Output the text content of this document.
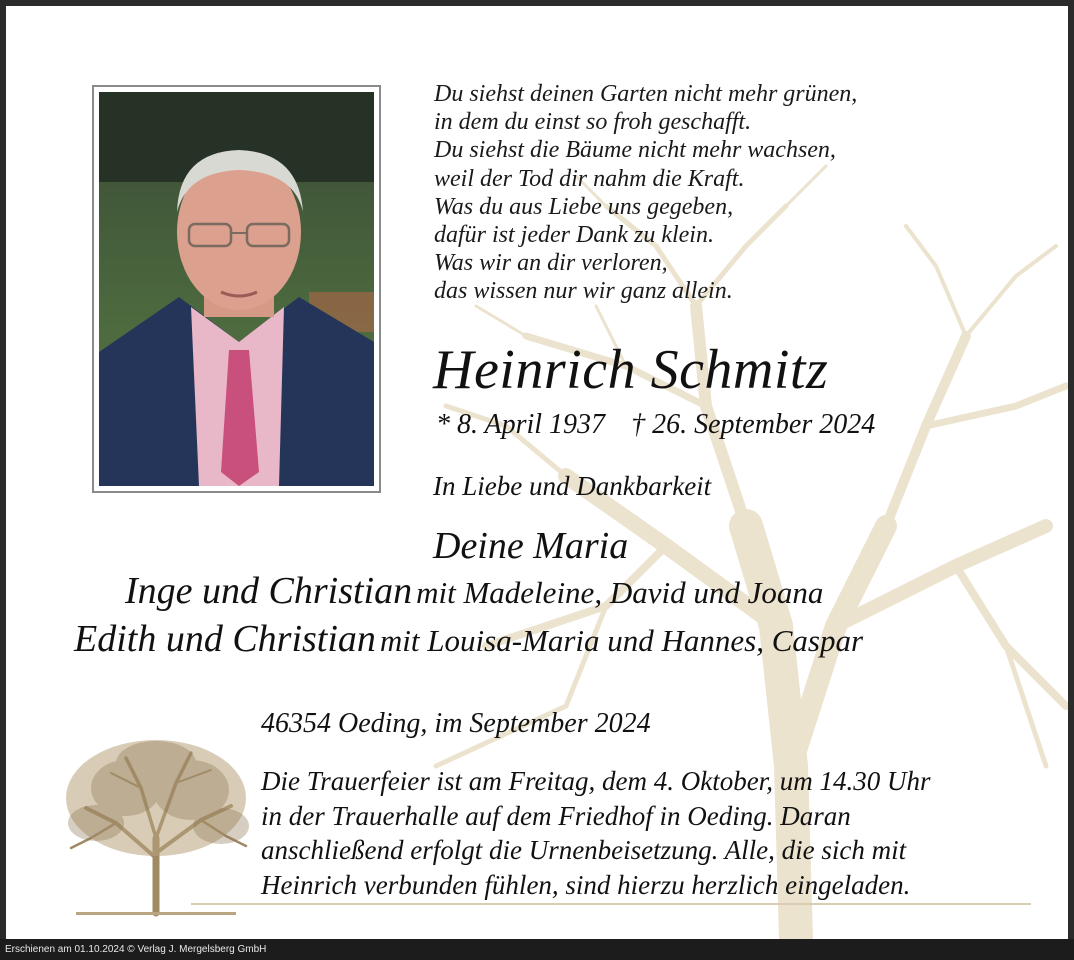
Du siehst deinen Garten nicht mehr grünen,
in dem du einst so froh geschafft.
Du siehst die Bäume nicht mehr wachsen,
weil der Tod dir nahm die Kraft.
Was du aus Liebe uns gegeben,
dafür ist jeder Dank zu klein.
Was wir an dir verloren,
das wissen nur wir ganz allein.
Heinrich Schmitz
* 8. April 1937 † 26. September 2024
In Liebe und Dankbarkeit
Deine Maria
Inge und Christian mit Madeleine, David und Joana
Edith und Christian mit Louisa-Maria und Hannes, Caspar
46354 Oeding, im September 2024
Die Trauerfeier ist am Freitag, dem 4. Oktober, um 14.30 Uhr
in der Trauerhalle auf dem Friedhof in Oeding. Daran
anschließend erfolgt die Urnenbeisetzung. Alle, die sich mit
Heinrich verbunden fühlen, sind hierzu herzlich eingeladen.
Erschienen am 01.10.2024 © Verlag J. Mergelsberg GmbH
